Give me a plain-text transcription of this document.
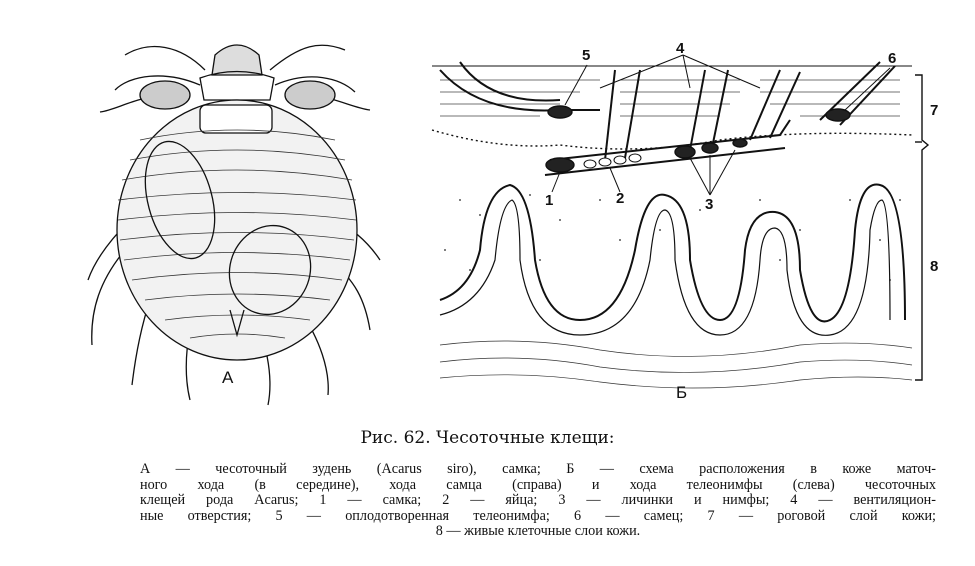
А
Б
5	4
6
7
8
1	2	3
Рис. 62. Чесоточные клещи:

А — чесоточный зудень (Acarus siro), самка; Б — схема расположения в коже маточ-

ного хода (в середине), хода самца (справа) и хода телеонимфы (слева) чесоточных

клещей рода Acarus; 1 — самка; 2 — яйца; 3 — личинки и нимфы; 4 — вентиляцион-

ные отверстия; 5 — оплодотворенная телеонимфа; 6 — самец; 7 — роговой слой кожи;

8 — живые клеточные слои кожи.
